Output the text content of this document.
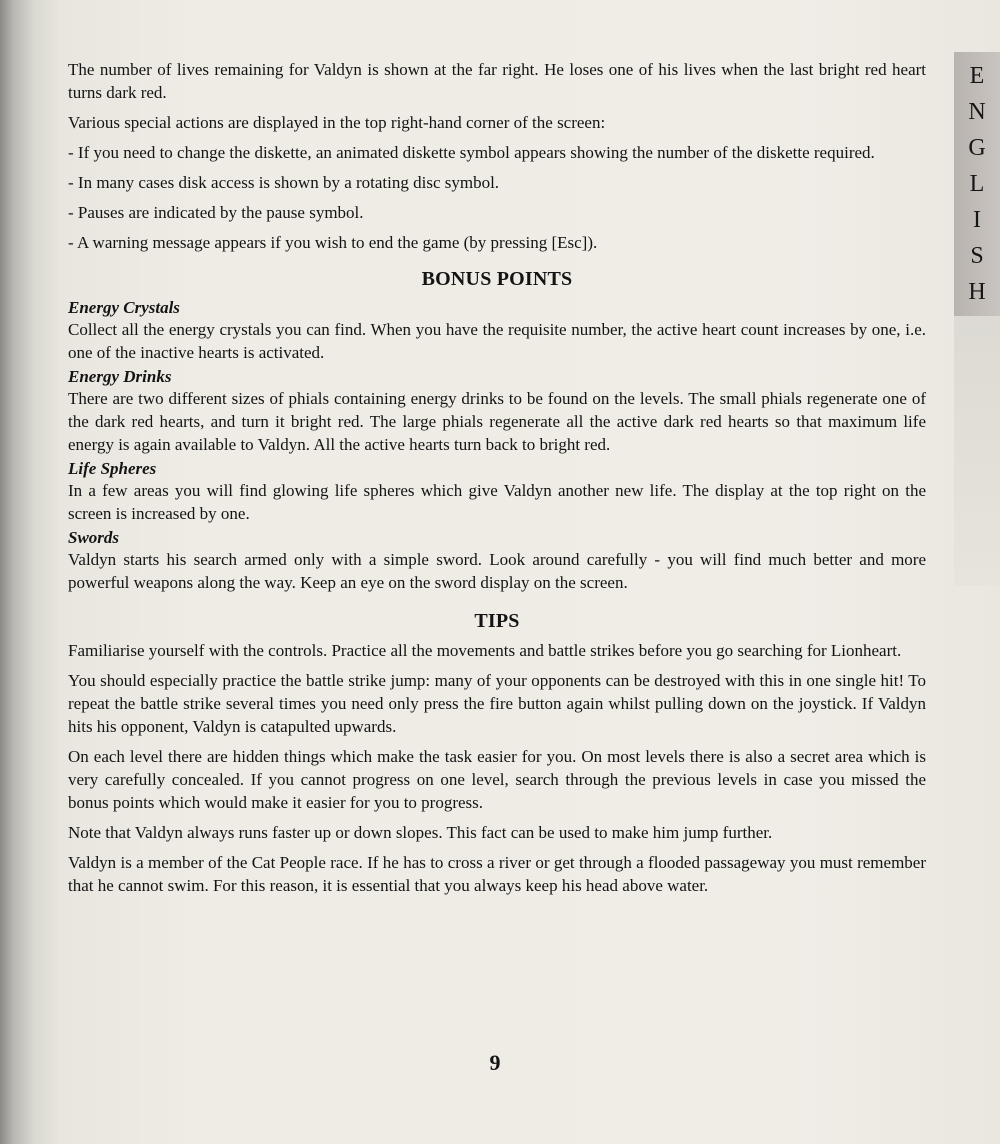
E
N
G
L
I
S
H

The number of lives remaining for Valdyn is shown at the far right. He loses one of his lives when the last bright red heart turns dark red.

Various special actions are displayed in the top right-hand corner of the screen:

- If you need to change the diskette, an animated diskette symbol appears showing the number of the diskette required.

- In many cases disk access is shown by a rotating disc symbol.

- Pauses are indicated by the pause symbol.

- A warning message appears if you wish to end the game (by pressing [Esc]).

BONUS POINTS
Energy Crystals

Collect all the energy crystals you can find. When you have the requisite number, the active heart count increases by one, i.e. one of the inactive hearts is activated.

Energy Drinks

There are two different sizes of phials containing energy drinks to be found on the levels. The small phials regenerate one of the dark red hearts, and turn it bright red. The large phials regenerate all the active dark red hearts so that maximum life energy is again available to Valdyn. All the active hearts turn back to bright red.

Life Spheres

In a few areas you will find glowing life spheres which give Valdyn another new life. The display at the top right on the screen is increased by one.

Swords

Valdyn starts his search armed only with a simple sword. Look around carefully - you will find much better and more powerful weapons along the way. Keep an eye on the sword display on the screen.

TIPS

Familiarise yourself with the controls. Practice all the movements and battle strikes before you go searching for Lionheart.

You should especially practice the battle strike jump: many of your opponents can be destroyed with this in one single hit! To repeat the battle strike several times you need only press the fire button again whilst pulling down on the joystick. If Valdyn hits his opponent, Valdyn is catapulted upwards.

On each level there are hidden things which make the task easier for you. On most levels there is also a secret area which is very carefully concealed. If you cannot progress on one level, search through the previous levels in case you missed the bonus points which would make it easier for you to progress.

Note that Valdyn always runs faster up or down slopes. This fact can be used to make him jump further.

Valdyn is a member of the Cat People race. If he has to cross a river or get through a flooded passageway you must remember that he cannot swim. For this reason, it is essential that you always keep his head above water.

9
